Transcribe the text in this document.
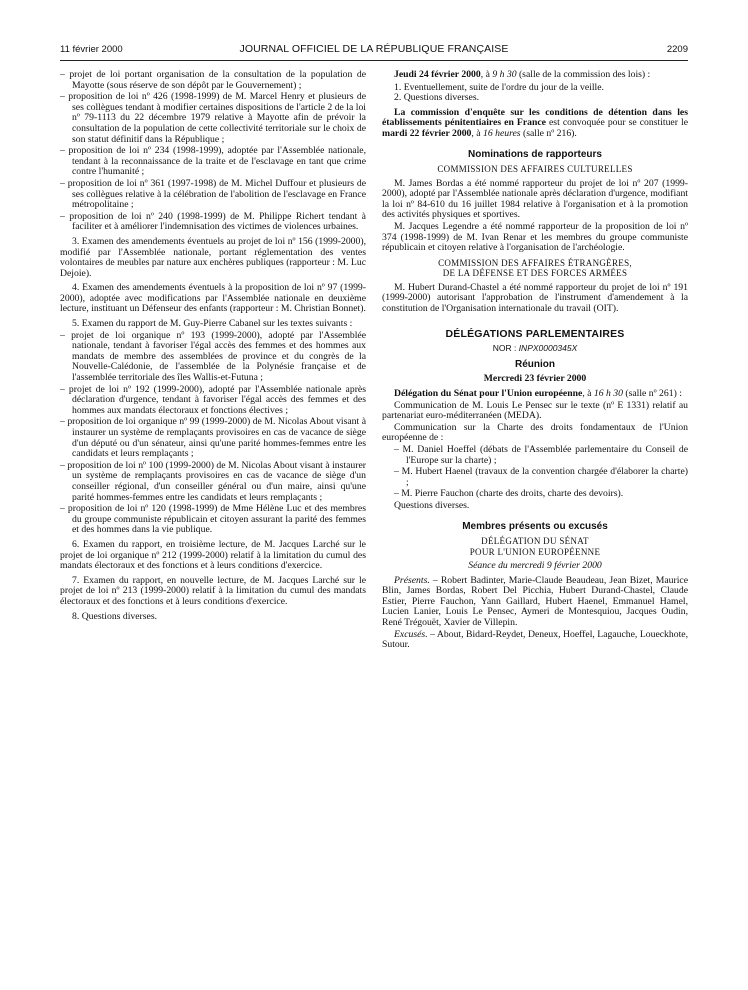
11 février 2000	JOURNAL OFFICIEL DE LA RÉPUBLIQUE FRANÇAISE	2209
– projet de loi portant organisation de la consultation de la population de Mayotte (sous réserve de son dépôt par le Gouvernement) ;
– proposition de loi nº 426 (1998-1999) de M. Marcel Henry et plusieurs de ses collègues tendant à modifier certaines dispositions de l'article 2 de la loi nº 79-1113 du 22 décembre 1979 relative à Mayotte afin de prévoir la consultation de la population de cette collectivité territoriale sur le choix de son statut définitif dans la République ;
– proposition de loi nº 234 (1998-1999), adoptée par l'Assemblée nationale, tendant à la reconnaissance de la traite et de l'esclavage en tant que crime contre l'humanité ;
– proposition de loi nº 361 (1997-1998) de M. Michel Duffour et plusieurs de ses collègues relative à la célébration de l'abolition de l'esclavage en France métropolitaine ;
– proposition de loi nº 240 (1998-1999) de M. Philippe Richert tendant à faciliter et à améliorer l'indemnisation des victimes de violences urbaines.

3. Examen des amendements éventuels au projet de loi nº 156 (1999-2000), modifié par l'Assemblée nationale, portant réglementation des ventes volontaires de meubles par nature aux enchères publiques (rapporteur : M. Luc Dejoie).

4. Examen des amendements éventuels à la proposition de loi nº 97 (1999-2000), adoptée avec modifications par l'Assemblée nationale en deuxième lecture, instituant un Défenseur des enfants (rapporteur : M. Christian Bonnet).

5. Examen du rapport de M. Guy-Pierre Cabanel sur les textes suivants :

– projet de loi organique nº 193 (1999-2000), adopté par l'Assemblée nationale, tendant à favoriser l'égal accès des femmes et des hommes aux mandats de membre des assemblées de province et du congrès de la Nouvelle-Calédonie, de l'assemblée de la Polynésie française et de l'assemblée territoriale des îles Wallis-et-Futuna ;
– projet de loi nº 192 (1999-2000), adopté par l'Assemblée nationale après déclaration d'urgence, tendant à favoriser l'égal accès des femmes et des hommes aux mandats électoraux et fonctions électives ;
– proposition de loi organique nº 99 (1999-2000) de M. Nicolas About visant à instaurer un système de remplaçants provisoires en cas de vacance de siège d'un député ou d'un sénateur, ainsi qu'une parité hommes-femmes entre les candidats et leurs remplaçants ;
– proposition de loi nº 100 (1999-2000) de M. Nicolas About visant à instaurer un système de remplaçants provisoires en cas de vacance de siège d'un conseiller régional, d'un conseiller général ou d'un maire, ainsi qu'une parité hommes-femmes entre les candidats et leurs remplaçants ;
– proposition de loi nº 120 (1998-1999) de Mme Hélène Luc et des membres du groupe communiste républicain et citoyen assurant la parité des femmes et des hommes dans la vie publique.

6. Examen du rapport, en troisième lecture, de M. Jacques Larché sur le projet de loi organique nº 212 (1999-2000) relatif à la limitation du cumul des mandats électoraux et des fonctions et à leurs conditions d'exercice.

7. Examen du rapport, en nouvelle lecture, de M. Jacques Larché sur le projet de loi nº 213 (1999-2000) relatif à la limitation du cumul des mandats électoraux et des fonctions et à leurs conditions d'exercice.

8. Questions diverses.

Jeudi 24 février 2000, à 9 h 30 (salle de la commission des lois) :

1. Eventuellement, suite de l'ordre du jour de la veille.
2. Questions diverses.

La commission d'enquête sur les conditions de détention dans les établissements pénitentiaires en France est convoquée pour se constituer le mardi 22 février 2000, à 16 heures (salle nº 216).

Nominations de rapporteurs
COMMISSION DES AFFAIRES CULTURELLES

M. James Bordas a été nommé rapporteur du projet de loi nº 207 (1999-2000), adopté par l'Assemblée nationale après déclaration d'urgence, modifiant la loi nº 84-610 du 16 juillet 1984 relative à l'organisation et à la promotion des activités physiques et sportives.

M. Jacques Legendre a été nommé rapporteur de la proposition de loi nº 374 (1998-1999) de M. Ivan Renar et les membres du groupe communiste républicain et citoyen relative à l'organisation de l'archéologie.

COMMISSION DES AFFAIRES ÉTRANGÈRES,
DE LA DÉFENSE ET DES FORCES ARMÉES

M. Hubert Durand-Chastel a été nommé rapporteur du projet de loi nº 191 (1999-2000) autorisant l'approbation de l'instrument d'amendement à la constitution de l'Organisation internationale du travail (OIT).

DÉLÉGATIONS PARLEMENTAIRES
NOR : INPX0000345X
Réunion
Mercredi 23 février 2000

Délégation du Sénat pour l'Union européenne, à 16 h 30 (salle nº 261) :

Communication de M. Louis Le Pensec sur le texte (nº E 1331) relatif au partenariat euro-méditerranéen (MEDA).

Communication sur la Charte des droits fondamentaux de l'Union européenne de :

– M. Daniel Hoeffel (débats de l'Assemblée parlementaire du Conseil de l'Europe sur la charte) ;
– M. Hubert Haenel (travaux de la convention chargée d'élaborer la charte) ;
– M. Pierre Fauchon (charte des droits, charte des devoirs).

Questions diverses.

Membres présents ou excusés
DÉLÉGATION DU SÉNAT
POUR L'UNION EUROPÉENNE
Séance du mercredi 9 février 2000

Présents. – Robert Badinter, Marie-Claude Beaudeau, Jean Bizet, Maurice Blin, James Bordas, Robert Del Picchia, Hubert Durand-Chastel, Claude Estier, Pierre Fauchon, Yann Gaillard, Hubert Haenel, Emmanuel Hamel, Lucien Lanier, Louis Le Pensec, Aymeri de Montesquiou, Jacques Oudin, René Trégouët, Xavier de Villepin.

Excusés. – About, Bidard-Reydet, Deneux, Hoeffel, Lagauche, Loueckhote, Sutour.
